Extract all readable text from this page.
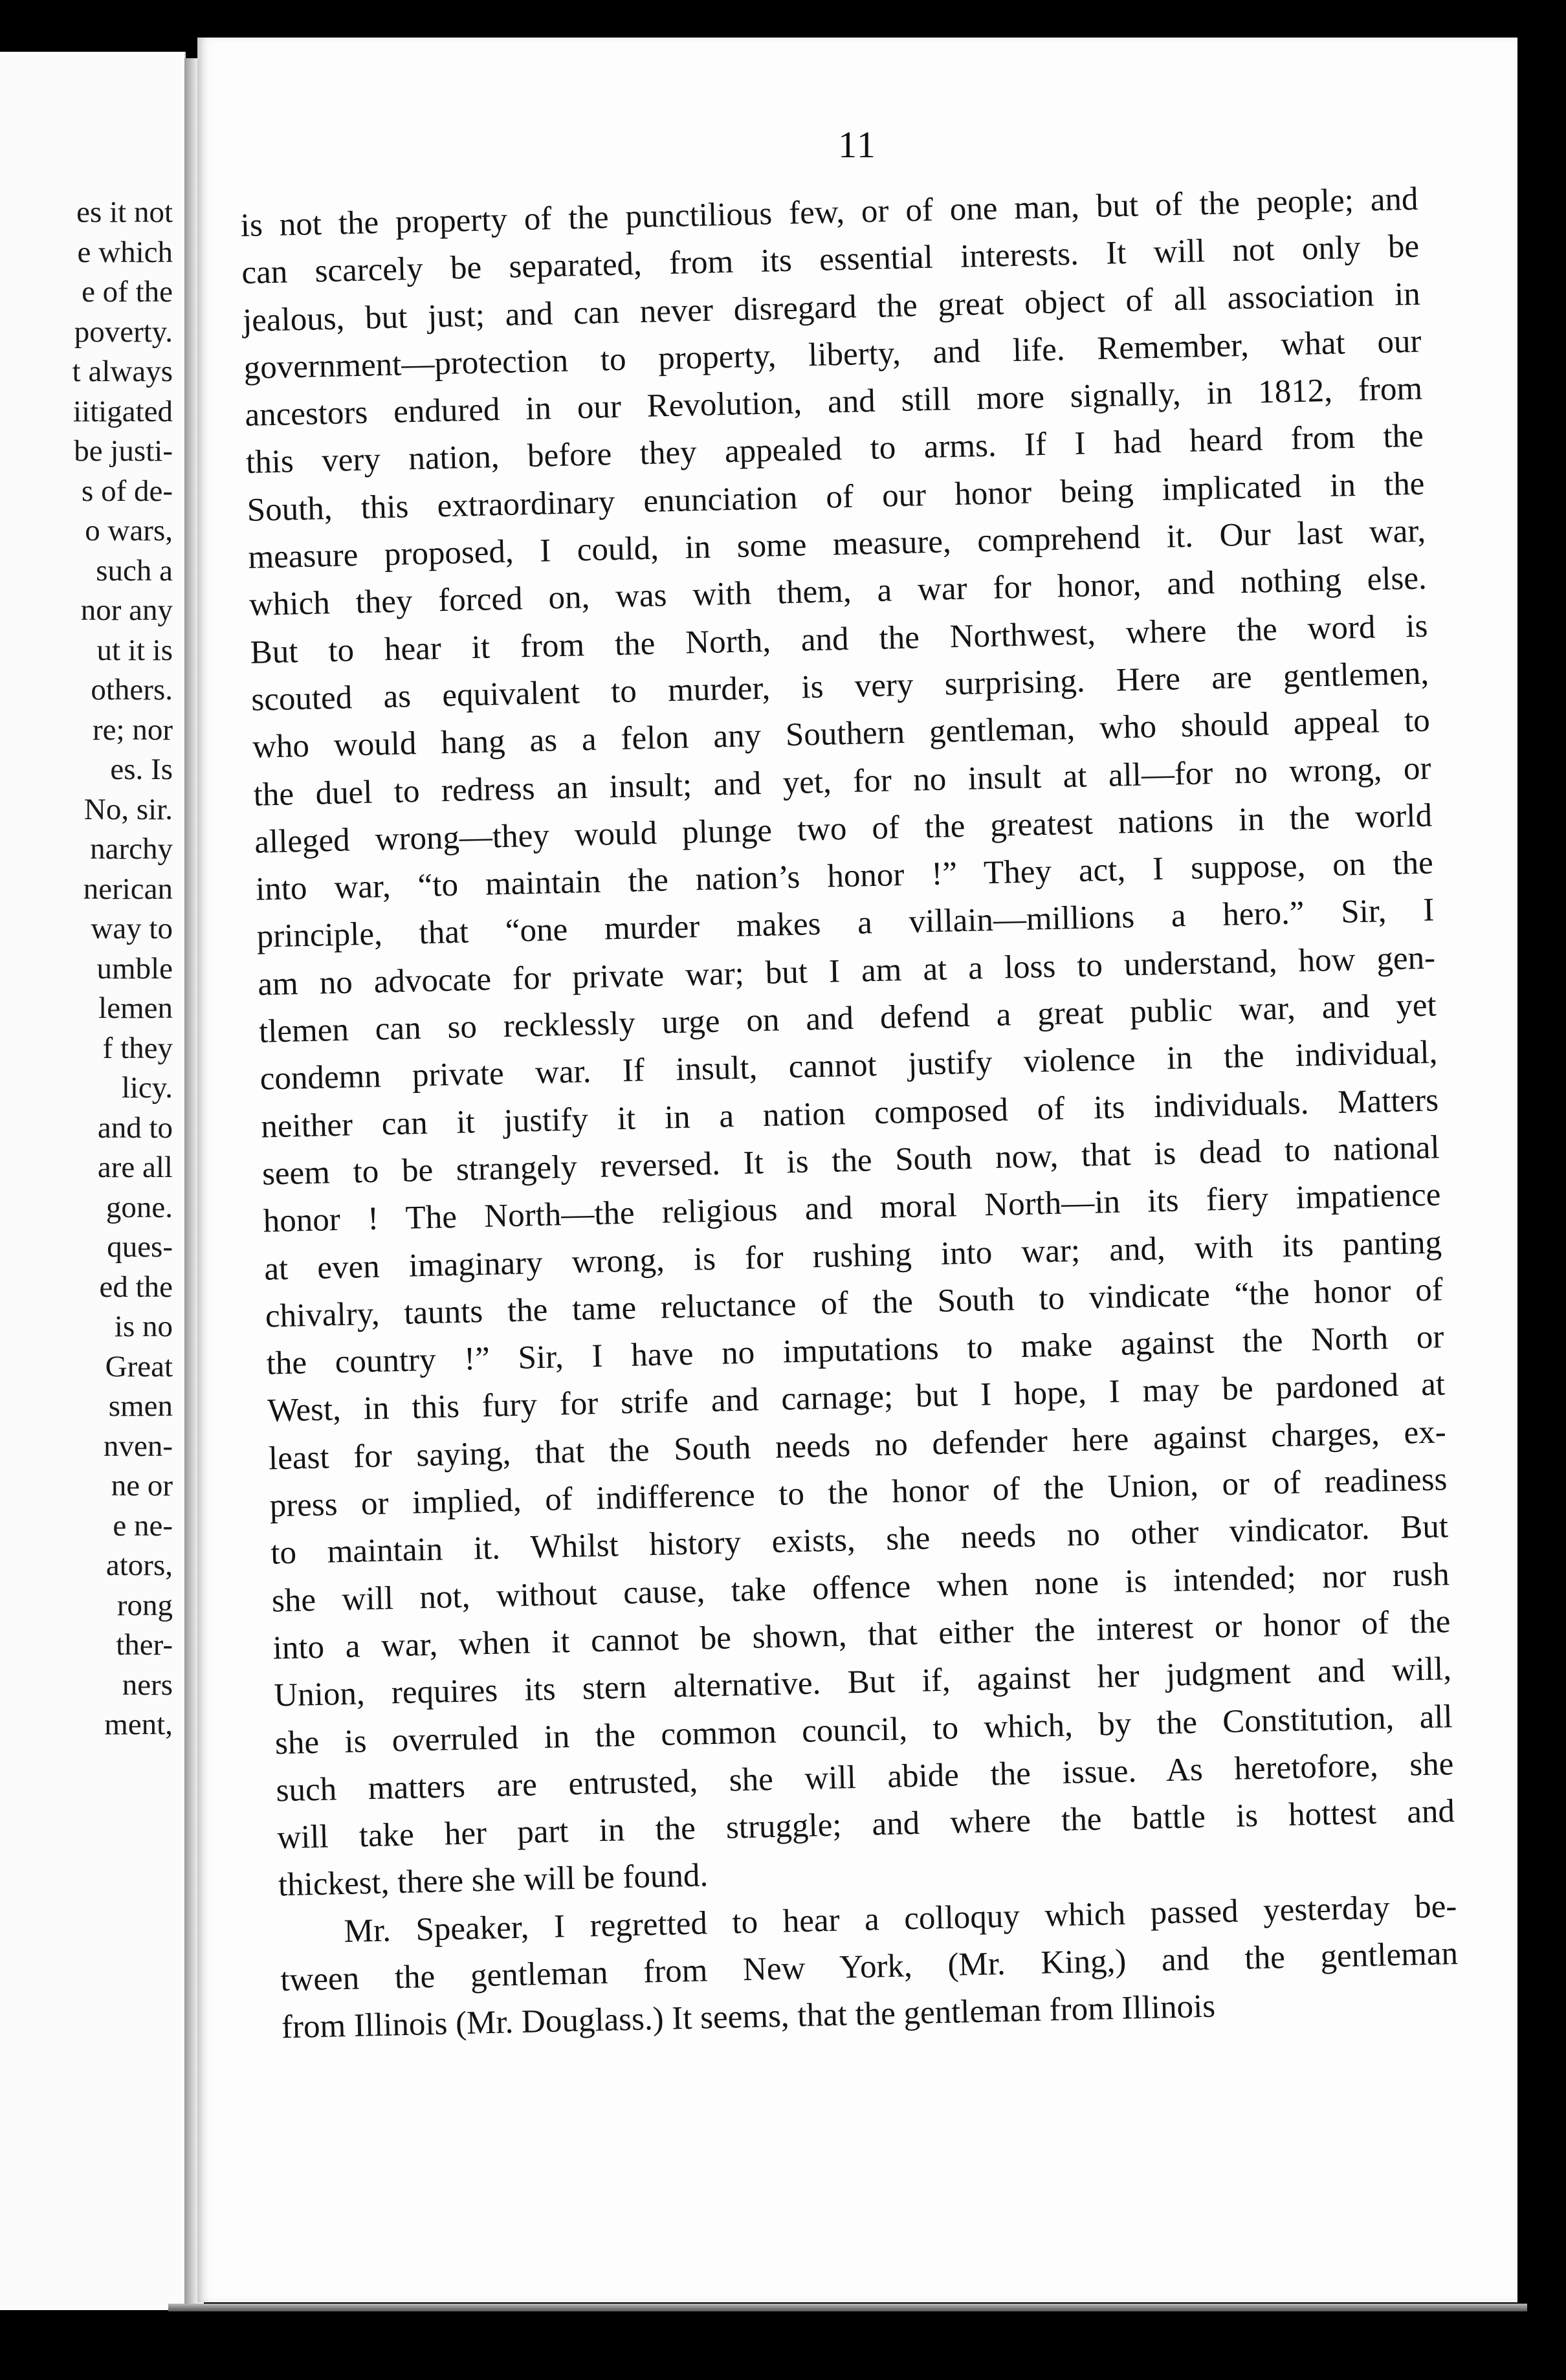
es it not
e which
e of the
poverty.
t always
iitigated
be justi-
s of de-
o wars,
such a
nor any
ut it is
others.
re; nor
es. Is
No, sir.
narchy
nerican
way to
umble
lemen
f they
licy.
and to
are all
gone.
ques-
ed the
is no
Great
smen
nven-
ne or
e ne-
ators,
rong
ther-
ners
ment,
11
is not the property of the punctilious few, or of one man, but of the people; and
can scarcely be separated, from its essential interests. It will not only be
jealous, but just; and can never disregard the great object of all association in
government—protection to property, liberty, and life. Remember, what our
ancestors endured in our Revolution, and still more signally, in 1812, from
this very nation, before they appealed to arms. If I had heard from the
South, this extraordinary enunciation of our honor being implicated in the
measure proposed, I could, in some measure, comprehend it. Our last war,
which they forced on, was with them, a war for honor, and nothing else.
But to hear it from the North, and the Northwest, where the word is
scouted as equivalent to murder, is very surprising. Here are gentlemen,
who would hang as a felon any Southern gentleman, who should appeal to
the duel to redress an insult; and yet, for no insult at all—for no wrong, or
alleged wrong—they would plunge two of the greatest nations in the world
into war, “to maintain the nation’s honor !” They act, I suppose, on the
principle, that “one murder makes a villain—millions a hero.” Sir, I
am no advocate for private war; but I am at a loss to understand, how gen-
tlemen can so recklessly urge on and defend a great public war, and yet
condemn private war. If insult, cannot justify violence in the individual,
neither can it justify it in a nation composed of its individuals. Matters
seem to be strangely reversed. It is the South now, that is dead to national
honor ! The North—the religious and moral North—in its fiery impatience
at even imaginary wrong, is for rushing into war; and, with its panting
chivalry, taunts the tame reluctance of the South to vindicate “the honor of
the country !” Sir, I have no imputations to make against the North or
West, in this fury for strife and carnage; but I hope, I may be pardoned at
least for saying, that the South needs no defender here against charges, ex-
press or implied, of indifference to the honor of the Union, or of readiness
to maintain it. Whilst history exists, she needs no other vindicator. But
she will not, without cause, take offence when none is intended; nor rush
into a war, when it cannot be shown, that either the interest or honor of the
Union, requires its stern alternative. But if, against her judgment and will,
she is overruled in the common council, to which, by the Constitution, all
such matters are entrusted, she will abide the issue. As heretofore, she
will take her part in the struggle; and where the battle is hottest and
thickest, there she will be found.
Mr. Speaker, I regretted to hear a colloquy which passed yesterday be-
tween the gentleman from New York, (Mr. King,) and the gentleman
from Illinois (Mr. Douglass.) It seems, that the gentleman from Illinois
